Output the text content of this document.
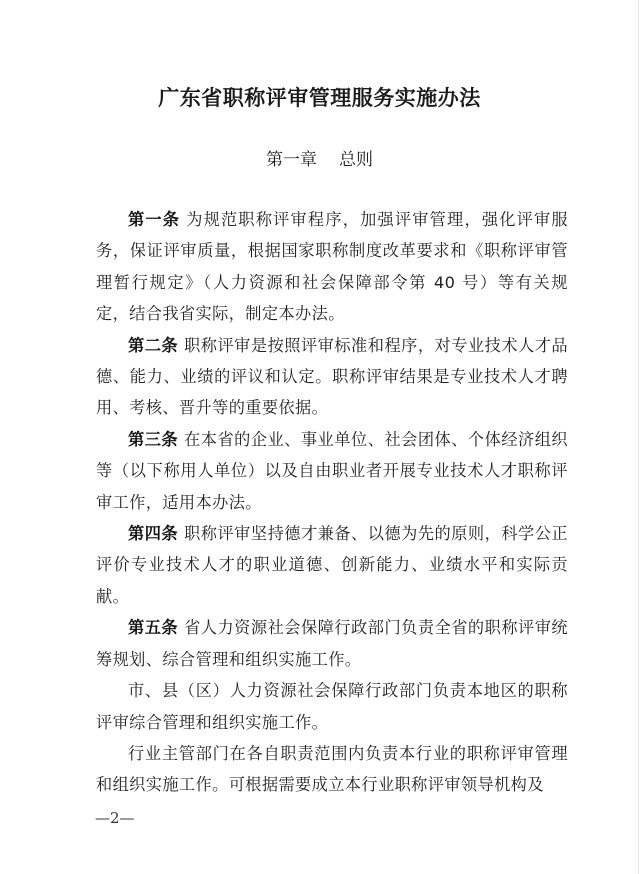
广东省职称评审管理服务实施办法
第一章 总则

第一条 为规范职称评审程序，加强评审管理，强化评审服务，保证评审质量，根据国家职称制度改革要求和《职称评审管理暂行规定》（人力资源和社会保障部令第 40 号）等有关规定，结合我省实际，制定本办法。

第二条 职称评审是按照评审标准和程序，对专业技术人才品德、能力、业绩的评议和认定。职称评审结果是专业技术人才聘用、考核、晋升等的重要依据。

第三条 在本省的企业、事业单位、社会团体、个体经济组织等（以下称用人单位）以及自由职业者开展专业技术人才职称评审工作，适用本办法。

第四条 职称评审坚持德才兼备、以德为先的原则，科学公正评价专业技术人才的职业道德、创新能力、业绩水平和实际贡献。

第五条 省人力资源社会保障行政部门负责全省的职称评审统筹规划、综合管理和组织实施工作。

市、县（区）人力资源社会保障行政部门负责本地区的职称评审综合管理和组织实施工作。

行业主管部门在各自职责范围内负责本行业的职称评审管理和组织实施工作。可根据需要成立本行业职称评审领导机构及

—2—
